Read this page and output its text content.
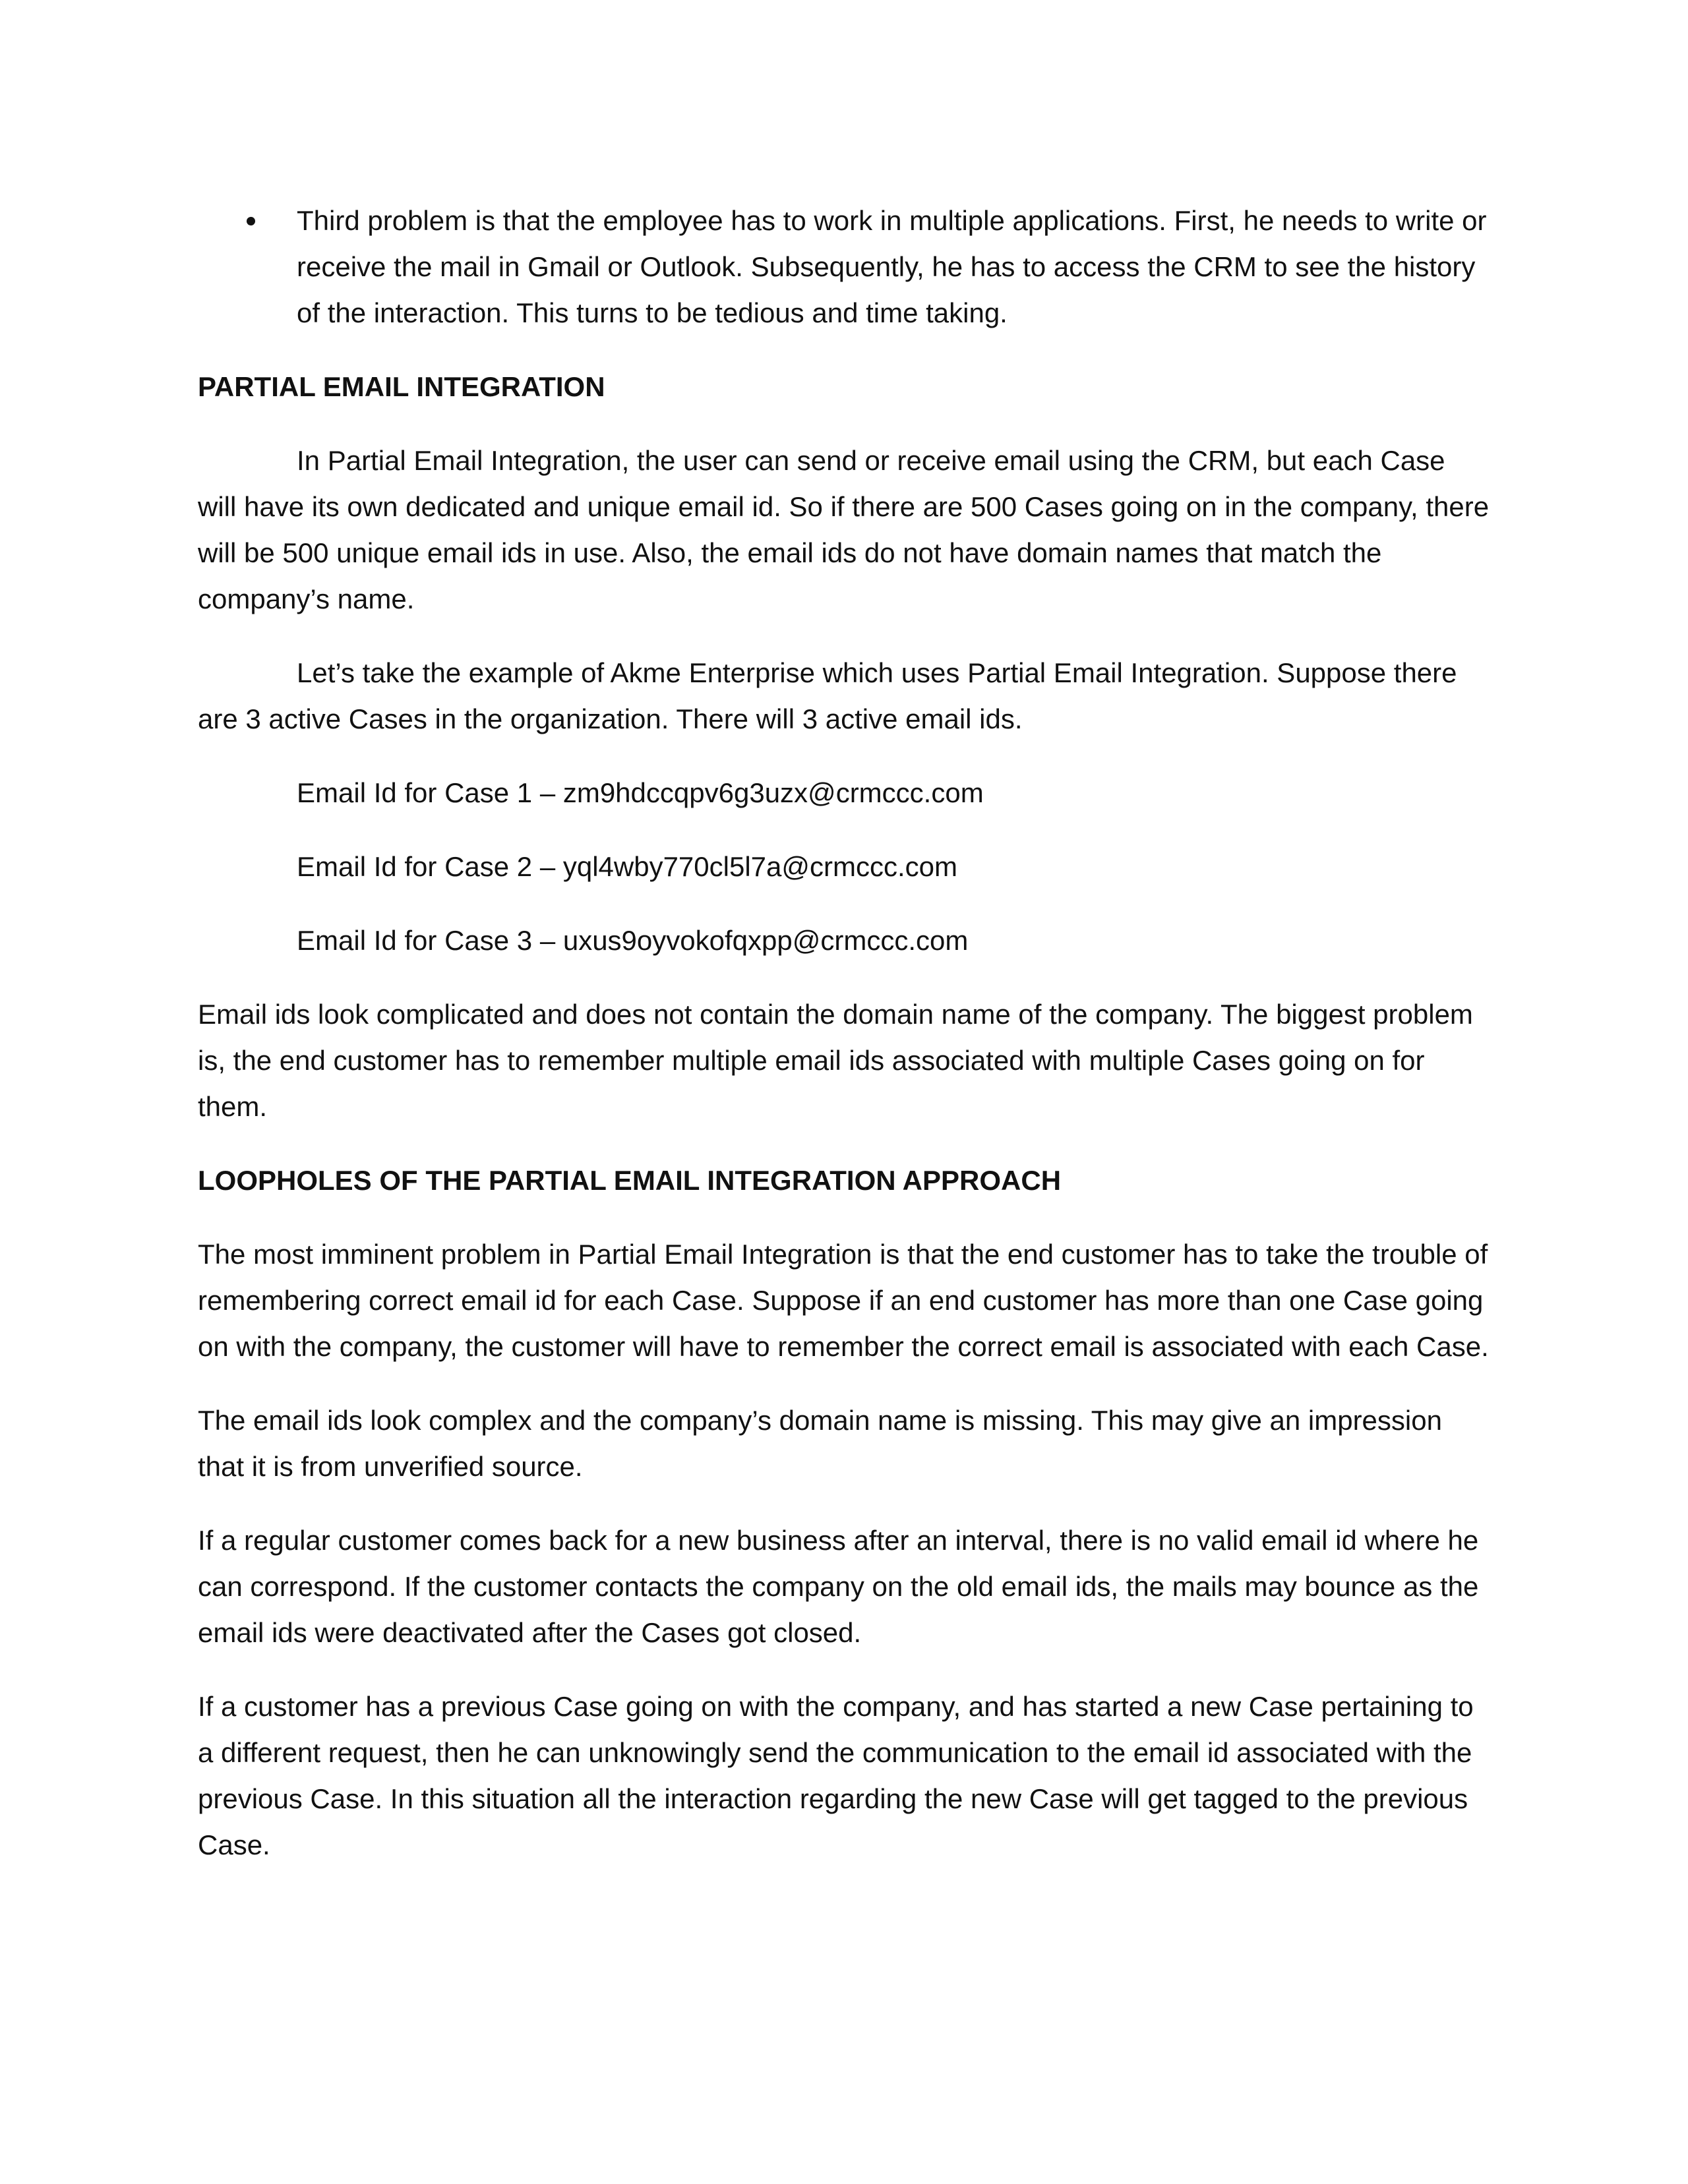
Third problem is that the employee has to work in multiple applications. First, he needs to write or receive the mail in Gmail or Outlook. Subsequently, he has to access the CRM to see the history of the interaction. This turns to be tedious and time taking.
PARTIAL EMAIL INTEGRATION

In Partial Email Integration, the user can send or receive email using the CRM, but each Case will have its own dedicated and unique email id. So if there are 500 Cases going on in the company, there will be 500 unique email ids in use. Also, the email ids do not have domain names that match the company’s name.

Let’s take the example of Akme Enterprise which uses Partial Email Integration. Suppose there are 3 active Cases in the organization. There will 3 active email ids.

Email Id for Case 1 – zm9hdccqpv6g3uzx@crmccc.com
Email Id for Case 2 – yql4wby770cl5l7a@crmccc.com
Email Id for Case 3 – uxus9oyvokofqxpp@crmccc.com

Email ids look complicated and does not contain the domain name of the company. The biggest problem is, the end customer has to remember multiple email ids associated with multiple Cases going on for them.

LOOPHOLES OF THE PARTIAL EMAIL INTEGRATION APPROACH

The most imminent problem in Partial Email Integration is that the end customer has to take the trouble of remembering correct email id for each Case. Suppose if an end customer has more than one Case going on with the company, the customer will have to remember the correct email is associated with each Case.

The email ids look complex and the company’s domain name is missing. This may give an impression that it is from unverified source.

If a regular customer comes back for a new business after an interval, there is no valid email id where he can correspond. If the customer contacts the company on the old email ids, the mails may bounce as the email ids were deactivated after the Cases got closed.

If a customer has a previous Case going on with the company, and has started a new Case pertaining to a different request, then he can unknowingly send the communication to the email id associated with the previous Case. In this situation all the interaction regarding the new Case will get tagged to the previous Case.
